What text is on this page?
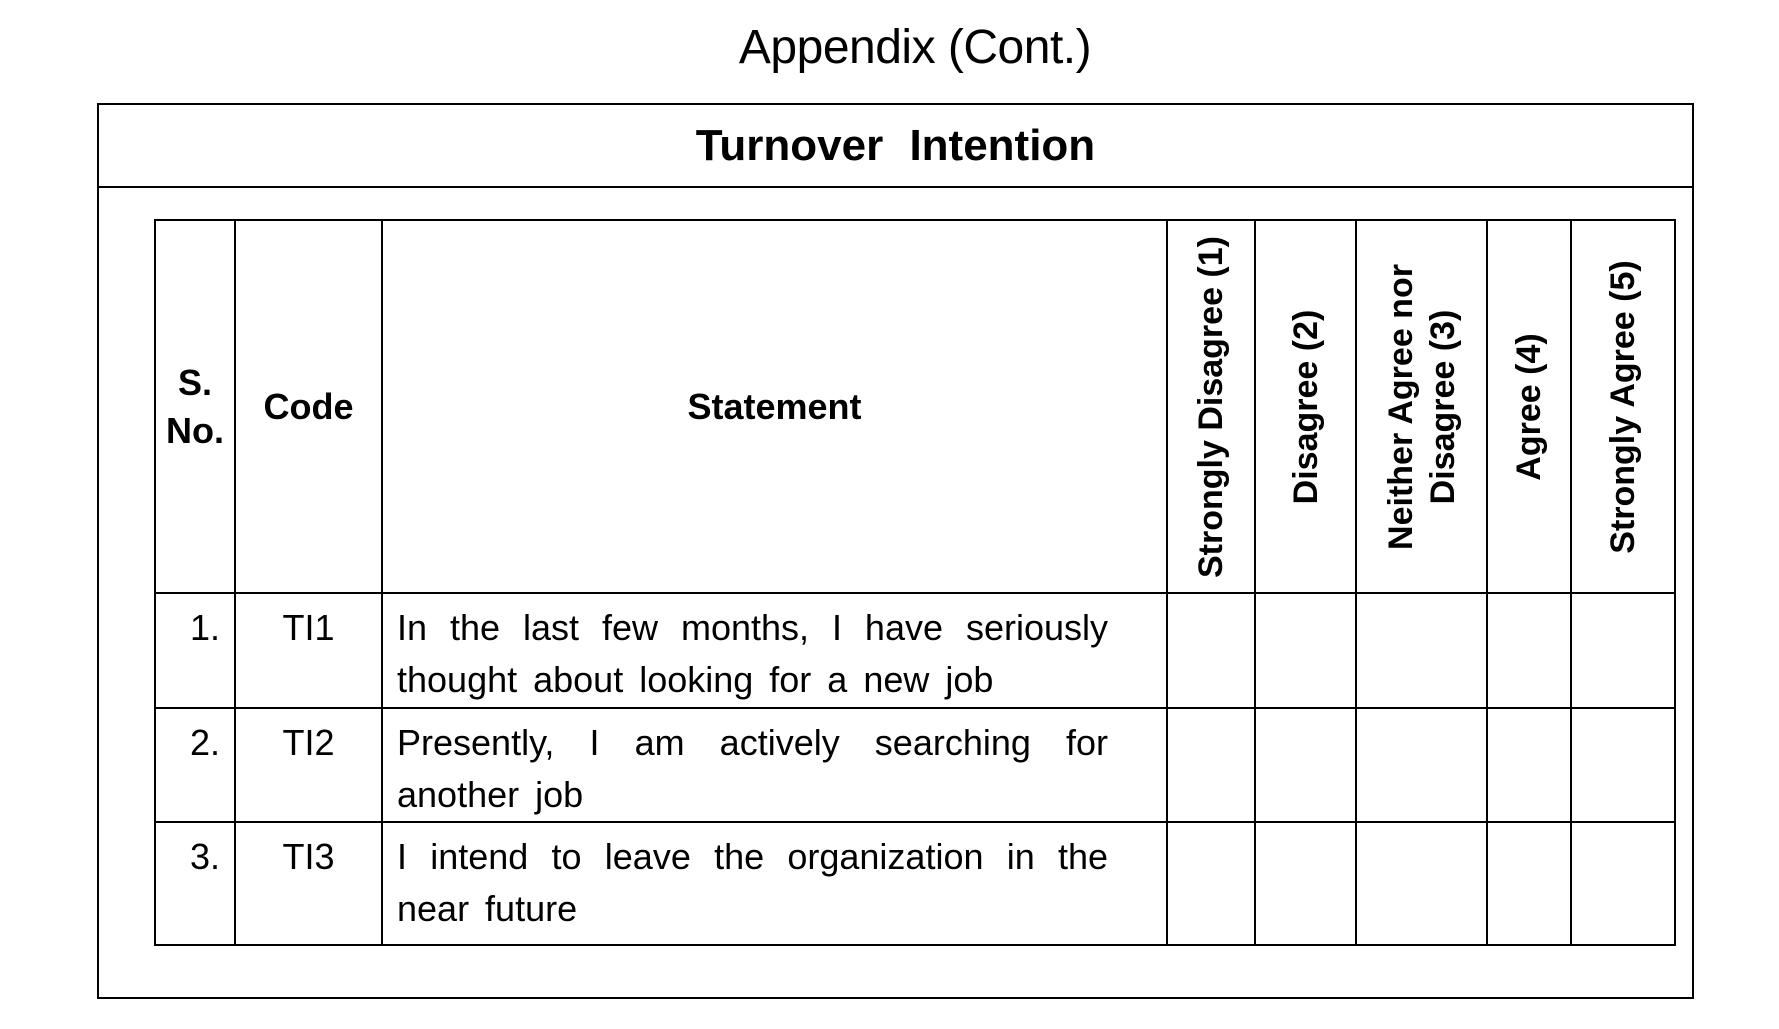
Appendix (Cont.)
Turnover Intention
S. No.	Code	Statement	Strongly Disagree (1)	Disagree (2)	Neither Agree nor Disagree (3)	Agree (4)	Strongly Agree (5)

1.	TI1	In the last few months, I have seriously thought about looking for a new job					
2.	TI2	Presently, I am actively searching for another job					
3.	TI3	I intend to leave the organization in the near future					
